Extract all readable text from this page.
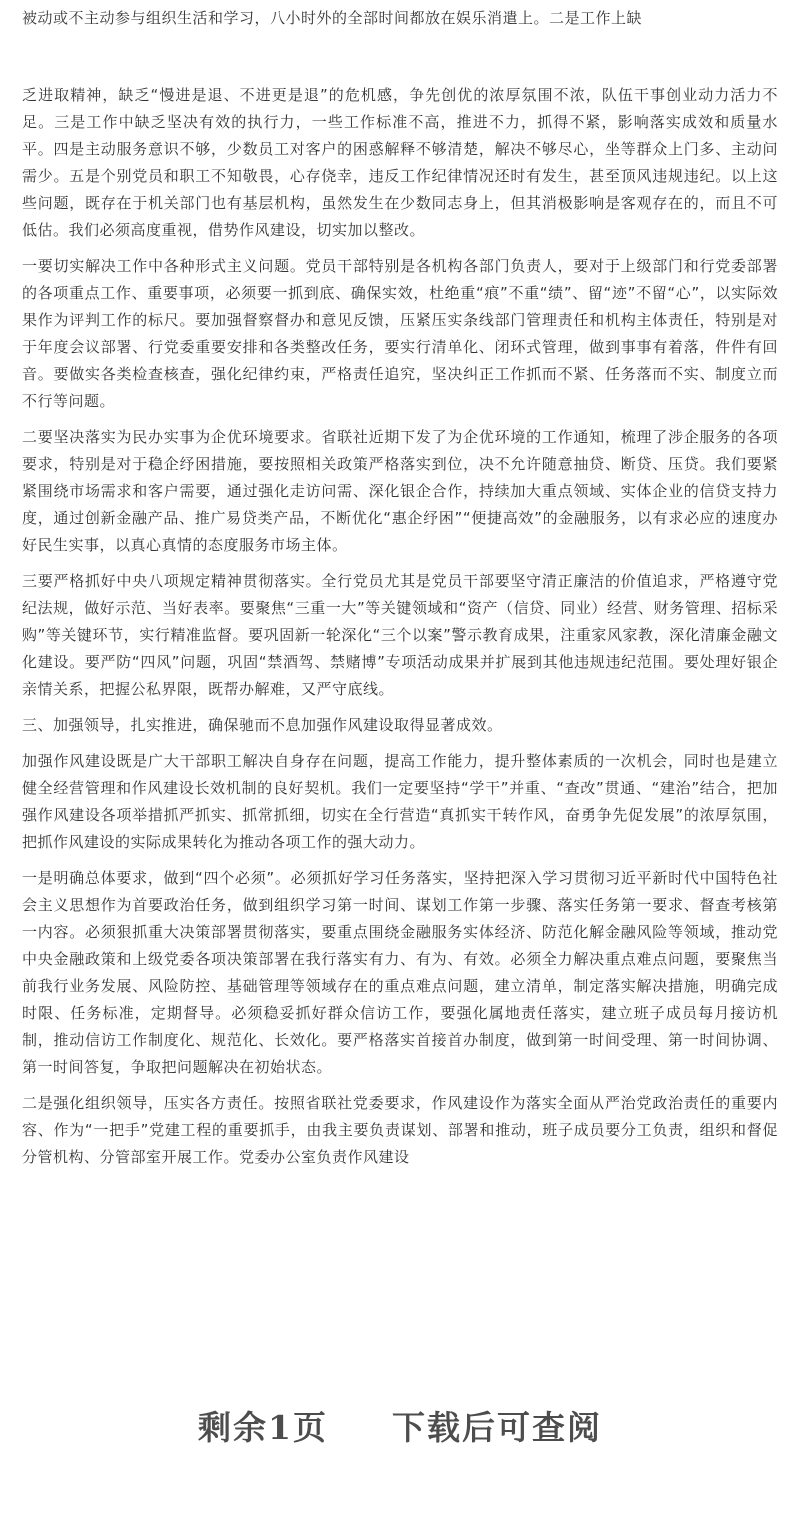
被动或不主动参与组织生活和学习，八小时外的全部时间都放在娱乐消遣上。二是工作上缺

乏进取精神，缺乏“慢进是退、不进更是退”的危机感，争先创优的浓厚氛围不浓，队伍干事创业动力活力不足。三是工作中缺乏坚决有效的执行力，一些工作标准不高，推进不力，抓得不紧，影响落实成效和质量水平。四是主动服务意识不够，少数员工对客户的困惑解释不够清楚，解决不够尽心，坐等群众上门多、主动问需少。五是个别党员和职工不知敬畏，心存侥幸，违反工作纪律情况还时有发生，甚至顶风违规违纪。以上这些问题，既存在于机关部门也有基层机构，虽然发生在少数同志身上，但其消极影响是客观存在的，而且不可低估。我们必须高度重视，借势作风建设，切实加以整改。

一要切实解决工作中各种形式主义问题。党员干部特别是各机构各部门负责人，要对于上级部门和行党委部署的各项重点工作、重要事项，必须要一抓到底、确保实效，杜绝重“痕”不重“绩”、留“迹”不留“心”，以实际效果作为评判工作的标尺。要加强督察督办和意见反馈，压紧压实条线部门管理责任和机构主体责任，特别是对于年度会议部署、行党委重要安排和各类整改任务，要实行清单化、闭环式管理，做到事事有着落，件件有回音。要做实各类检查核查，强化纪律约束，严格责任追究，坚决纠正工作抓而不紧、任务落而不实、制度立而不行等问题。

二要坚决落实为民办实事为企优环境要求。省联社近期下发了为企优环境的工作通知，梳理了涉企服务的各项要求，特别是对于稳企纾困措施，要按照相关政策严格落实到位，决不允许随意抽贷、断贷、压贷。我们要紧紧围绕市场需求和客户需要，通过强化走访问需、深化银企合作，持续加大重点领域、实体企业的信贷支持力度，通过创新金融产品、推广易贷类产品，不断优化“惠企纾困”“便捷高效”的金融服务，以有求必应的速度办好民生实事，以真心真情的态度服务市场主体。

三要严格抓好中央八项规定精神贯彻落实。全行党员尤其是党员干部要坚守清正廉洁的价值追求，严格遵守党纪法规，做好示范、当好表率。要聚焦“三重一大”等关键领域和“资产（信贷、同业）经营、财务管理、招标采购”等关键环节，实行精准监督。要巩固新一轮深化“三个以案”警示教育成果，注重家风家教，深化清廉金融文化建设。要严防“四风”问题，巩固“禁酒驾、禁赌博”专项活动成果并扩展到其他违规违纪范围。要处理好银企亲情关系，把握公私界限，既帮办解难，又严守底线。

三、加强领导，扎实推进，确保驰而不息加强作风建设取得显著成效。

加强作风建设既是广大干部职工解决自身存在问题，提高工作能力，提升整体素质的一次机会，同时也是建立健全经营管理和作风建设长效机制的良好契机。我们一定要坚持“学干”并重、“查改”贯通、“建治”结合，把加强作风建设各项举措抓严抓实、抓常抓细，切实在全行营造“真抓实干转作风，奋勇争先促发展”的浓厚氛围，把抓作风建设的实际成果转化为推动各项工作的强大动力。

一是明确总体要求，做到“四个必须”。必须抓好学习任务落实，坚持把深入学习贯彻习近平新时代中国特色社会主义思想作为首要政治任务，做到组织学习第一时间、谋划工作第一步骤、落实任务第一要求、督查考核第一内容。必须狠抓重大决策部署贯彻落实，要重点围绕金融服务实体经济、防范化解金融风险等领域，推动党中央金融政策和上级党委各项决策部署在我行落实有力、有为、有效。必须全力解决重点难点问题，要聚焦当前我行业务发展、风险防控、基础管理等领域存在的重点难点问题，建立清单，制定落实解决措施，明确完成时限、任务标准，定期督导。必须稳妥抓好群众信访工作，要强化属地责任落实，建立班子成员每月接访机制，推动信访工作制度化、规范化、长效化。要严格落实首接首办制度，做到第一时间受理、第一时间协调、第一时间答复，争取把问题解决在初始状态。

二是强化组织领导，压实各方责任。按照省联社党委要求，作风建设作为落实全面从严治党政治责任的重要内容、作为“一把手”党建工程的重要抓手，由我主要负责谋划、部署和推动，班子成员要分工负责，组织和督促分管机构、分管部室开展工作。党委办公室负责作风建设

剩余1页 下载后可查阅
